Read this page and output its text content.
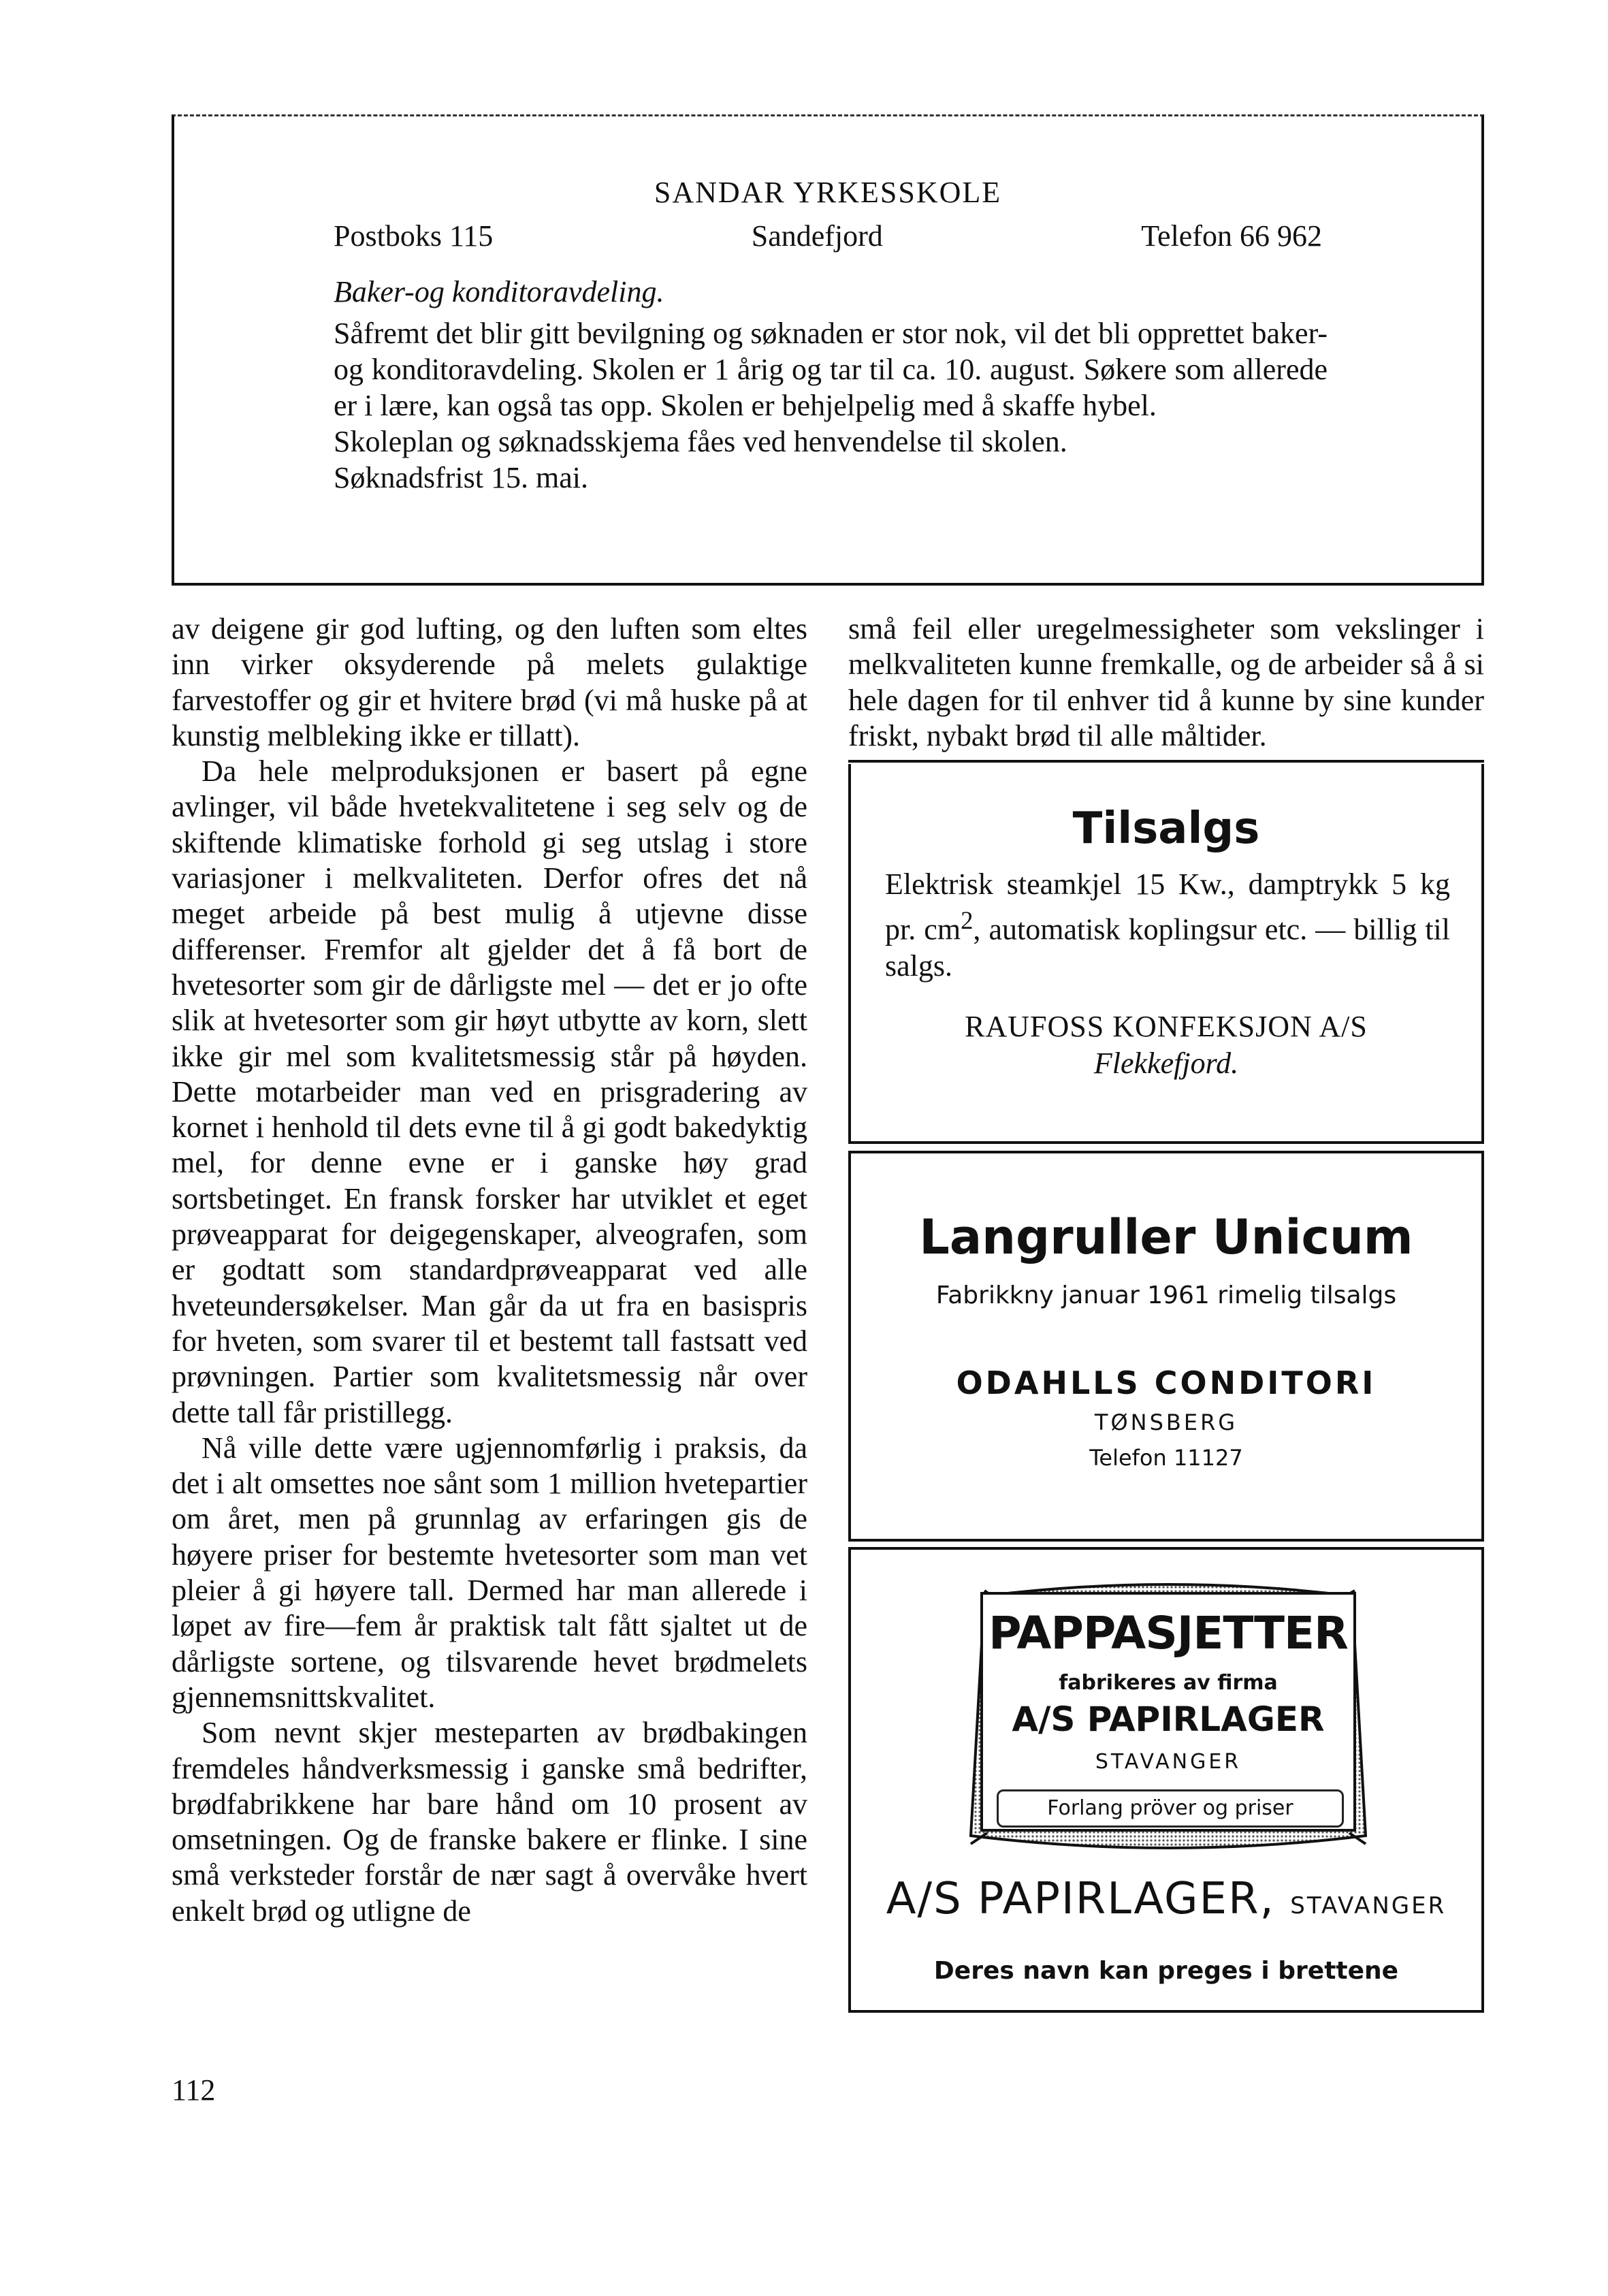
SANDAR YRKESSKOLE
Postboks 115	Sandefjord	Telefon 66 962
Baker-og konditoravdeling.

Såfremt det blir gitt bevilgning og søknaden er stor nok, vil det bli opprettet baker- og konditoravdeling. Skolen er 1 årig og tar til ca. 10. august. Søkere som allerede er i lære, kan også tas opp. Skolen er behjelpelig med å skaffe hybel.

Skoleplan og søknadsskjema fåes ved henvendelse til skolen.

Søknadsfrist 15. mai.

av deigene gir god lufting, og den luften som eltes inn virker oksyderende på melets gulaktige farvestoffer og gir et hvitere brød (vi må huske på at kunstig melbleking ikke er tillatt).

Da hele melproduksjonen er basert på egne avlinger, vil både hvetekvalitetene i seg selv og de skiftende klimatiske forhold gi seg utslag i store variasjoner i melkvaliteten. Derfor ofres det nå meget arbeide på best mulig å utjevne disse differenser. Fremfor alt gjelder det å få bort de hvetesorter som gir de dårligste mel — det er jo ofte slik at hvetesorter som gir høyt utbytte av korn, slett ikke gir mel som kvalitetsmessig står på høyden. Dette motarbeider man ved en prisgradering av kornet i henhold til dets evne til å gi godt bakedyktig mel, for denne evne er i ganske høy grad sortsbetinget. En fransk forsker har utviklet et eget prøveapparat for deigegenskaper, alveografen, som er godtatt som standardprøveapparat ved alle hveteundersøkelser. Man går da ut fra en basispris for hveten, som svarer til et bestemt tall fastsatt ved prøvningen. Partier som kvalitetsmessig når over dette tall får pristillegg.

Nå ville dette være ugjennomførlig i praksis, da det i alt omsettes noe sånt som 1 million hvetepartier om året, men på grunnlag av erfaringen gis de høyere priser for bestemte hvetesorter som man vet pleier å gi høyere tall. Dermed har man allerede i løpet av fire—fem år praktisk talt fått sjaltet ut de dårligste sortene, og tilsvarende hevet brødmelets gjennemsnittskvalitet.

Som nevnt skjer mesteparten av brødbakingen fremdeles håndverksmessig i ganske små bedrifter, brødfabrikkene har bare hånd om 10 prosent av omsetningen. Og de franske bakere er flinke. I sine små verksteder forstår de nær sagt å overvåke hvert enkelt brød og utligne de

små feil eller uregelmessigheter som vekslinger i melkvaliteten kunne fremkalle, og de arbeider så å si hele dagen for til enhver tid å kunne by sine kunder friskt, nybakt brød til alle måltider.

Tilsalgs
Elektrisk steamkjel 15 Kw., damptrykk 5 kg pr. $cm^2$, automatisk koplingsur etc. — billig til salgs.
RAUFOSS KONFEKSJON A/S
Flekkefjord.
Langruller Unicum
Fabrikkny januar 1961 rimelig tilsalgs
ODAHLLS CONDITORI
TØNSBERG
Telefon 11127
PAPPASJETTER
fabrikeres av firma
A/S PAPIRLAGER
STAVANGER
Forlang pröver og priser
A/S PAPIRLAGER, STAVANGER
Deres navn kan preges i brettene
112
